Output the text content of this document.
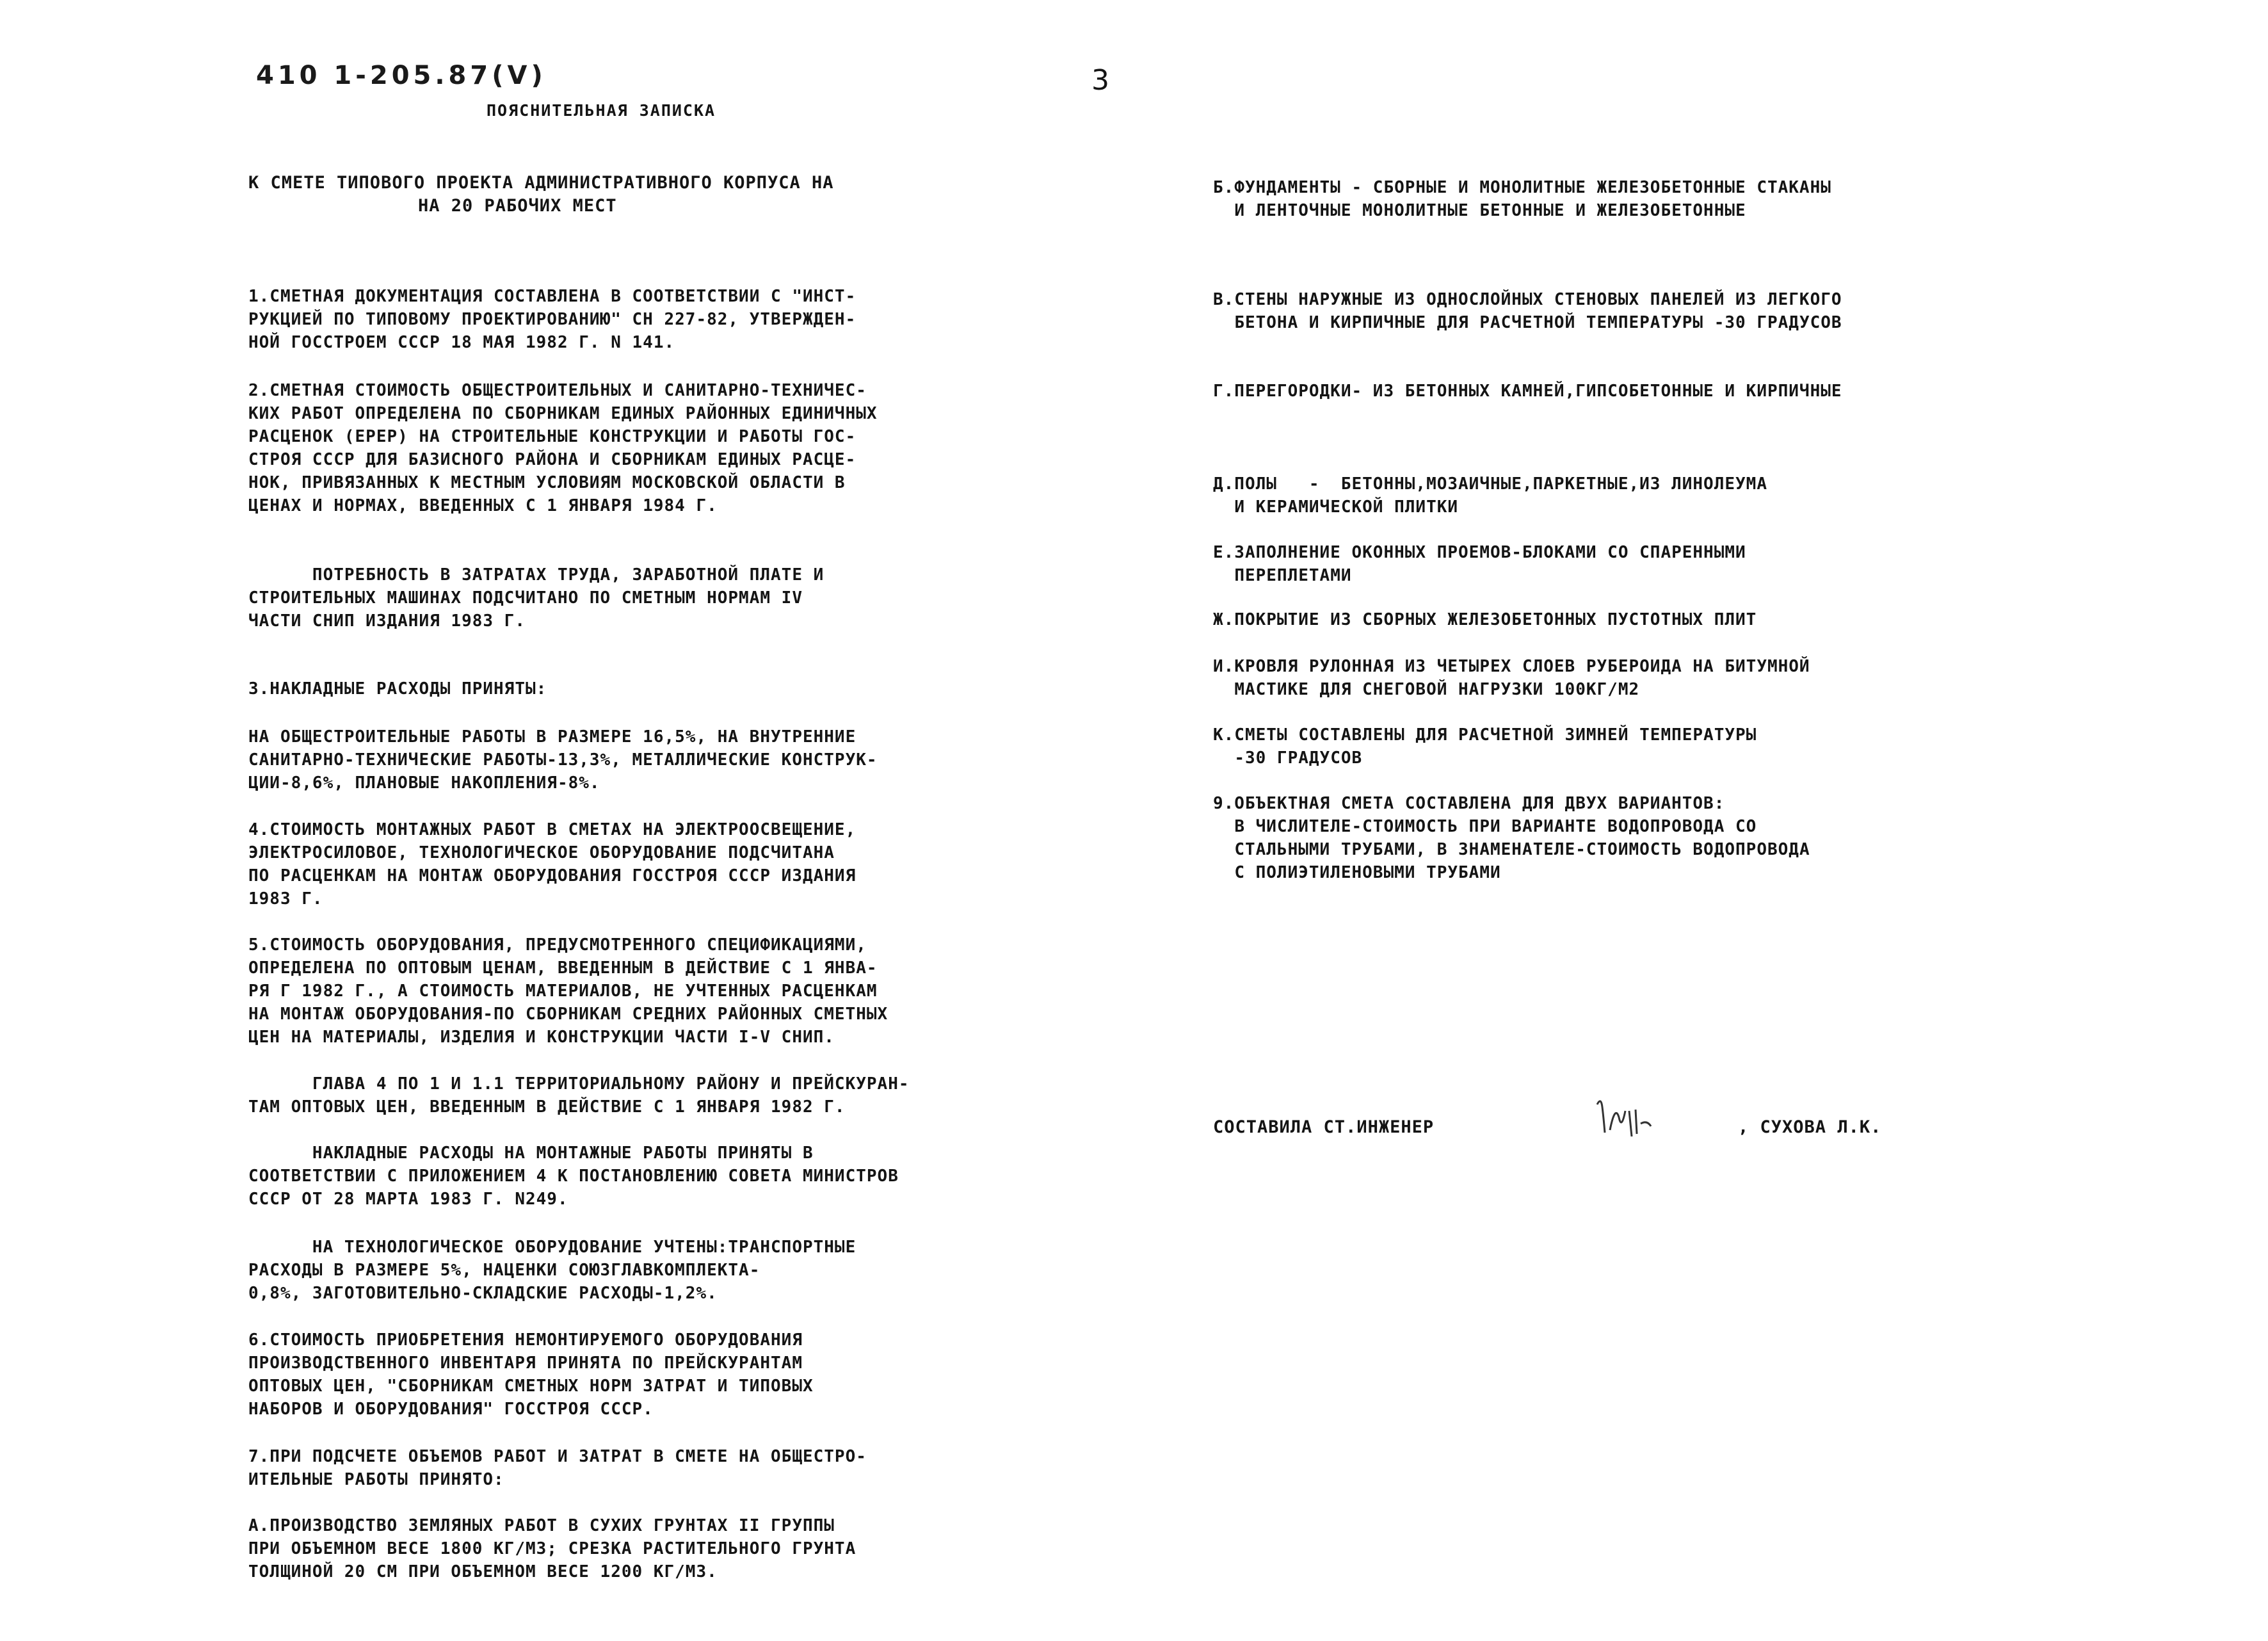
410 1-205.87(V)	3
ПОЯСНИТЕЛЬНАЯ ЗАПИСКА
К СМЕТЕ ТИПОВОГО ПРОЕКТА АДМИНИСТРАТИВНОГО КОРПУСА НА
НА 20 РАБОЧИХ МЕСТ

1.СМЕТНАЯ ДОКУМЕНТАЦИЯ СОСТАВЛЕНА В СООТВЕТСТВИИ С "ИНСТ-
РУКЦИЕЙ ПО ТИПОВОМУ ПРОЕКТИРОВАНИЮ" СН 227-82, УТВЕРЖДЕН-
НОЙ ГОССТРОЕМ СССР 18 МАЯ 1982 Г. N 141.

2.СМЕТНАЯ СТОИМОСТЬ ОБЩЕСТРОИТЕЛЬНЫХ И САНИТАРНО-ТЕХНИЧЕС-
КИХ РАБОТ ОПРЕДЕЛЕНА ПО СБОРНИКАМ ЕДИНЫХ РАЙОННЫХ ЕДИНИЧНЫХ
РАСЦЕНОК (ЕРЕР) НА СТРОИТЕЛЬНЫЕ КОНСТРУКЦИИ И РАБОТЫ ГОС-
СТРОЯ СССР ДЛЯ БАЗИСНОГО РАЙОНА И СБОРНИКАМ ЕДИНЫХ РАСЦЕ-
НОК, ПРИВЯЗАННЫХ К МЕСТНЫМ УСЛОВИЯМ МОСКОВСКОЙ ОБЛАСТИ В
ЦЕНАХ И НОРМАХ, ВВЕДЕННЫХ С 1 ЯНВАРЯ 1984 Г.

ПОТРЕБНОСТЬ В ЗАТРАТАХ ТРУДА, ЗАРАБОТНОЙ ПЛАТЕ И
СТРОИТЕЛЬНЫХ МАШИНАХ ПОДСЧИТАНО ПО СМЕТНЫМ НОРМАМ IV
ЧАСТИ СНИП ИЗДАНИЯ 1983 Г.

3.НАКЛАДНЫЕ РАСХОДЫ ПРИНЯТЫ:

НА ОБЩЕСТРОИТЕЛЬНЫЕ РАБОТЫ В РАЗМЕРЕ 16,5%, НА ВНУТРЕННИЕ
САНИТАРНО-ТЕХНИЧЕСКИЕ РАБОТЫ-13,3%, МЕТАЛЛИЧЕСКИЕ КОНСТРУК-
ЦИИ-8,6%, ПЛАНОВЫЕ НАКОПЛЕНИЯ-8%.

4.СТОИМОСТЬ МОНТАЖНЫХ РАБОТ В СМЕТАХ НА ЭЛЕКТРООСВЕЩЕНИЕ,
ЭЛЕКТРОСИЛОВОЕ, ТЕХНОЛОГИЧЕСКОЕ ОБОРУДОВАНИЕ ПОДСЧИТАНА
ПО РАСЦЕНКАМ НА МОНТАЖ ОБОРУДОВАНИЯ ГОССТРОЯ СССР ИЗДАНИЯ
1983 Г.

5.СТОИМОСТЬ ОБОРУДОВАНИЯ, ПРЕДУСМОТРЕННОГО СПЕЦИФИКАЦИЯМИ,
ОПРЕДЕЛЕНА ПО ОПТОВЫМ ЦЕНАМ, ВВЕДЕННЫМ В ДЕЙСТВИЕ С 1 ЯНВА-
РЯ Г 1982 Г., А СТОИМОСТЬ МАТЕРИАЛОВ, НЕ УЧТЕННЫХ РАСЦЕНКАМ
НА МОНТАЖ ОБОРУДОВАНИЯ-ПО СБОРНИКАМ СРЕДНИХ РАЙОННЫХ СМЕТНЫХ
ЦЕН НА МАТЕРИАЛЫ, ИЗДЕЛИЯ И КОНСТРУКЦИИ ЧАСТИ I-V СНИП.

ГЛАВА 4 ПО 1 И 1.1 ТЕРРИТОРИАЛЬНОМУ РАЙОНУ И ПРЕЙСКУРАН-
ТАМ ОПТОВЫХ ЦЕН, ВВЕДЕННЫМ В ДЕЙСТВИЕ С 1 ЯНВАРЯ 1982 Г.

НАКЛАДНЫЕ РАСХОДЫ НА МОНТАЖНЫЕ РАБОТЫ ПРИНЯТЫ В
СООТВЕТСТВИИ С ПРИЛОЖЕНИЕМ 4 К ПОСТАНОВЛЕНИЮ СОВЕТА МИНИСТРОВ
СССР ОТ 28 МАРТА 1983 Г. N249.

НА ТЕХНОЛОГИЧЕСКОЕ ОБОРУДОВАНИЕ УЧТЕНЫ:ТРАНСПОРТНЫЕ
РАСХОДЫ В РАЗМЕРЕ 5%, НАЦЕНКИ СОЮЗГЛАВКОМПЛЕКТА-
0,8%, ЗАГОТОВИТЕЛЬНО-СКЛАДСКИЕ РАСХОДЫ-1,2%.

6.СТОИМОСТЬ ПРИОБРЕТЕНИЯ НЕМОНТИРУЕМОГО ОБОРУДОВАНИЯ
ПРОИЗВОДСТВЕННОГО ИНВЕНТАРЯ ПРИНЯТА ПО ПРЕЙСКУРАНТАМ
ОПТОВЫХ ЦЕН, "СБОРНИКАМ СМЕТНЫХ НОРМ ЗАТРАТ И ТИПОВЫХ
НАБОРОВ И ОБОРУДОВАНИЯ" ГОССТРОЯ СССР.

7.ПРИ ПОДСЧЕТЕ ОБЪЕМОВ РАБОТ И ЗАТРАТ В СМЕТЕ НА ОБЩЕСТРО-
ИТЕЛЬНЫЕ РАБОТЫ ПРИНЯТО:

А.ПРОИЗВОДСТВО ЗЕМЛЯНЫХ РАБОТ В СУХИХ ГРУНТАХ II ГРУППЫ
ПРИ ОБЪЕМНОМ ВЕСЕ 1800 КГ/М3; СРЕЗКА РАСТИТЕЛЬНОГО ГРУНТА
ТОЛЩИНОЙ 20 СМ ПРИ ОБЪЕМНОМ ВЕСЕ 1200 КГ/М3.

Б.ФУНДАМЕНТЫ - СБОРНЫЕ И МОНОЛИТНЫЕ ЖЕЛЕЗОБЕТОННЫЕ СТАКАНЫ
И ЛЕНТОЧНЫЕ МОНОЛИТНЫЕ БЕТОННЫЕ И ЖЕЛЕЗОБЕТОННЫЕ

В.СТЕНЫ НАРУЖНЫЕ ИЗ ОДНОСЛОЙНЫХ СТЕНОВЫХ ПАНЕЛЕЙ ИЗ ЛЕГКОГО
БЕТОНА И КИРПИЧНЫЕ ДЛЯ РАСЧЕТНОЙ ТЕМПЕРАТУРЫ -30 ГРАДУСОВ

Г.ПЕРЕГОРОДКИ- ИЗ БЕТОННЫХ КАМНЕЙ,ГИПСОБЕТОННЫЕ И КИРПИЧНЫЕ

Д.ПОЛЫ   -  БЕТОННЫ,МОЗАИЧНЫЕ,ПАРКЕТНЫЕ,ИЗ ЛИНОЛЕУМА
И КЕРАМИЧЕСКОЙ ПЛИТКИ

Е.ЗАПОЛНЕНИЕ ОКОННЫХ ПРОЕМОВ-БЛОКАМИ СО СПАРЕННЫМИ
ПЕРЕПЛЕТАМИ

Ж.ПОКРЫТИЕ ИЗ СБОРНЫХ ЖЕЛЕЗОБЕТОННЫХ ПУСТОТНЫХ ПЛИТ

И.КРОВЛЯ РУЛОННАЯ ИЗ ЧЕТЫРЕХ СЛОЕВ РУБЕРОИДА НА БИТУМНОЙ
МАСТИКЕ ДЛЯ СНЕГОВОЙ НАГРУЗКИ 100КГ/М2

К.СМЕТЫ СОСТАВЛЕНЫ ДЛЯ РАСЧЕТНОЙ ЗИМНЕЙ ТЕМПЕРАТУРЫ
-30 ГРАДУСОВ

9.ОБЪЕКТНАЯ СМЕТА СОСТАВЛЕНА ДЛЯ ДВУХ ВАРИАНТОВ:
В ЧИСЛИТЕЛЕ-СТОИМОСТЬ ПРИ ВАРИАНТЕ ВОДОПРОВОДА СО
СТАЛЬНЫМИ ТРУБАМИ, В ЗНАМЕНАТЕЛЕ-СТОИМОСТЬ ВОДОПРОВОДА
С ПОЛИЭТИЛЕНОВЫМИ ТРУБАМИ

СОСТАВИЛА СТ.ИНЖЕНЕР	, СУХОВА Л.К.
